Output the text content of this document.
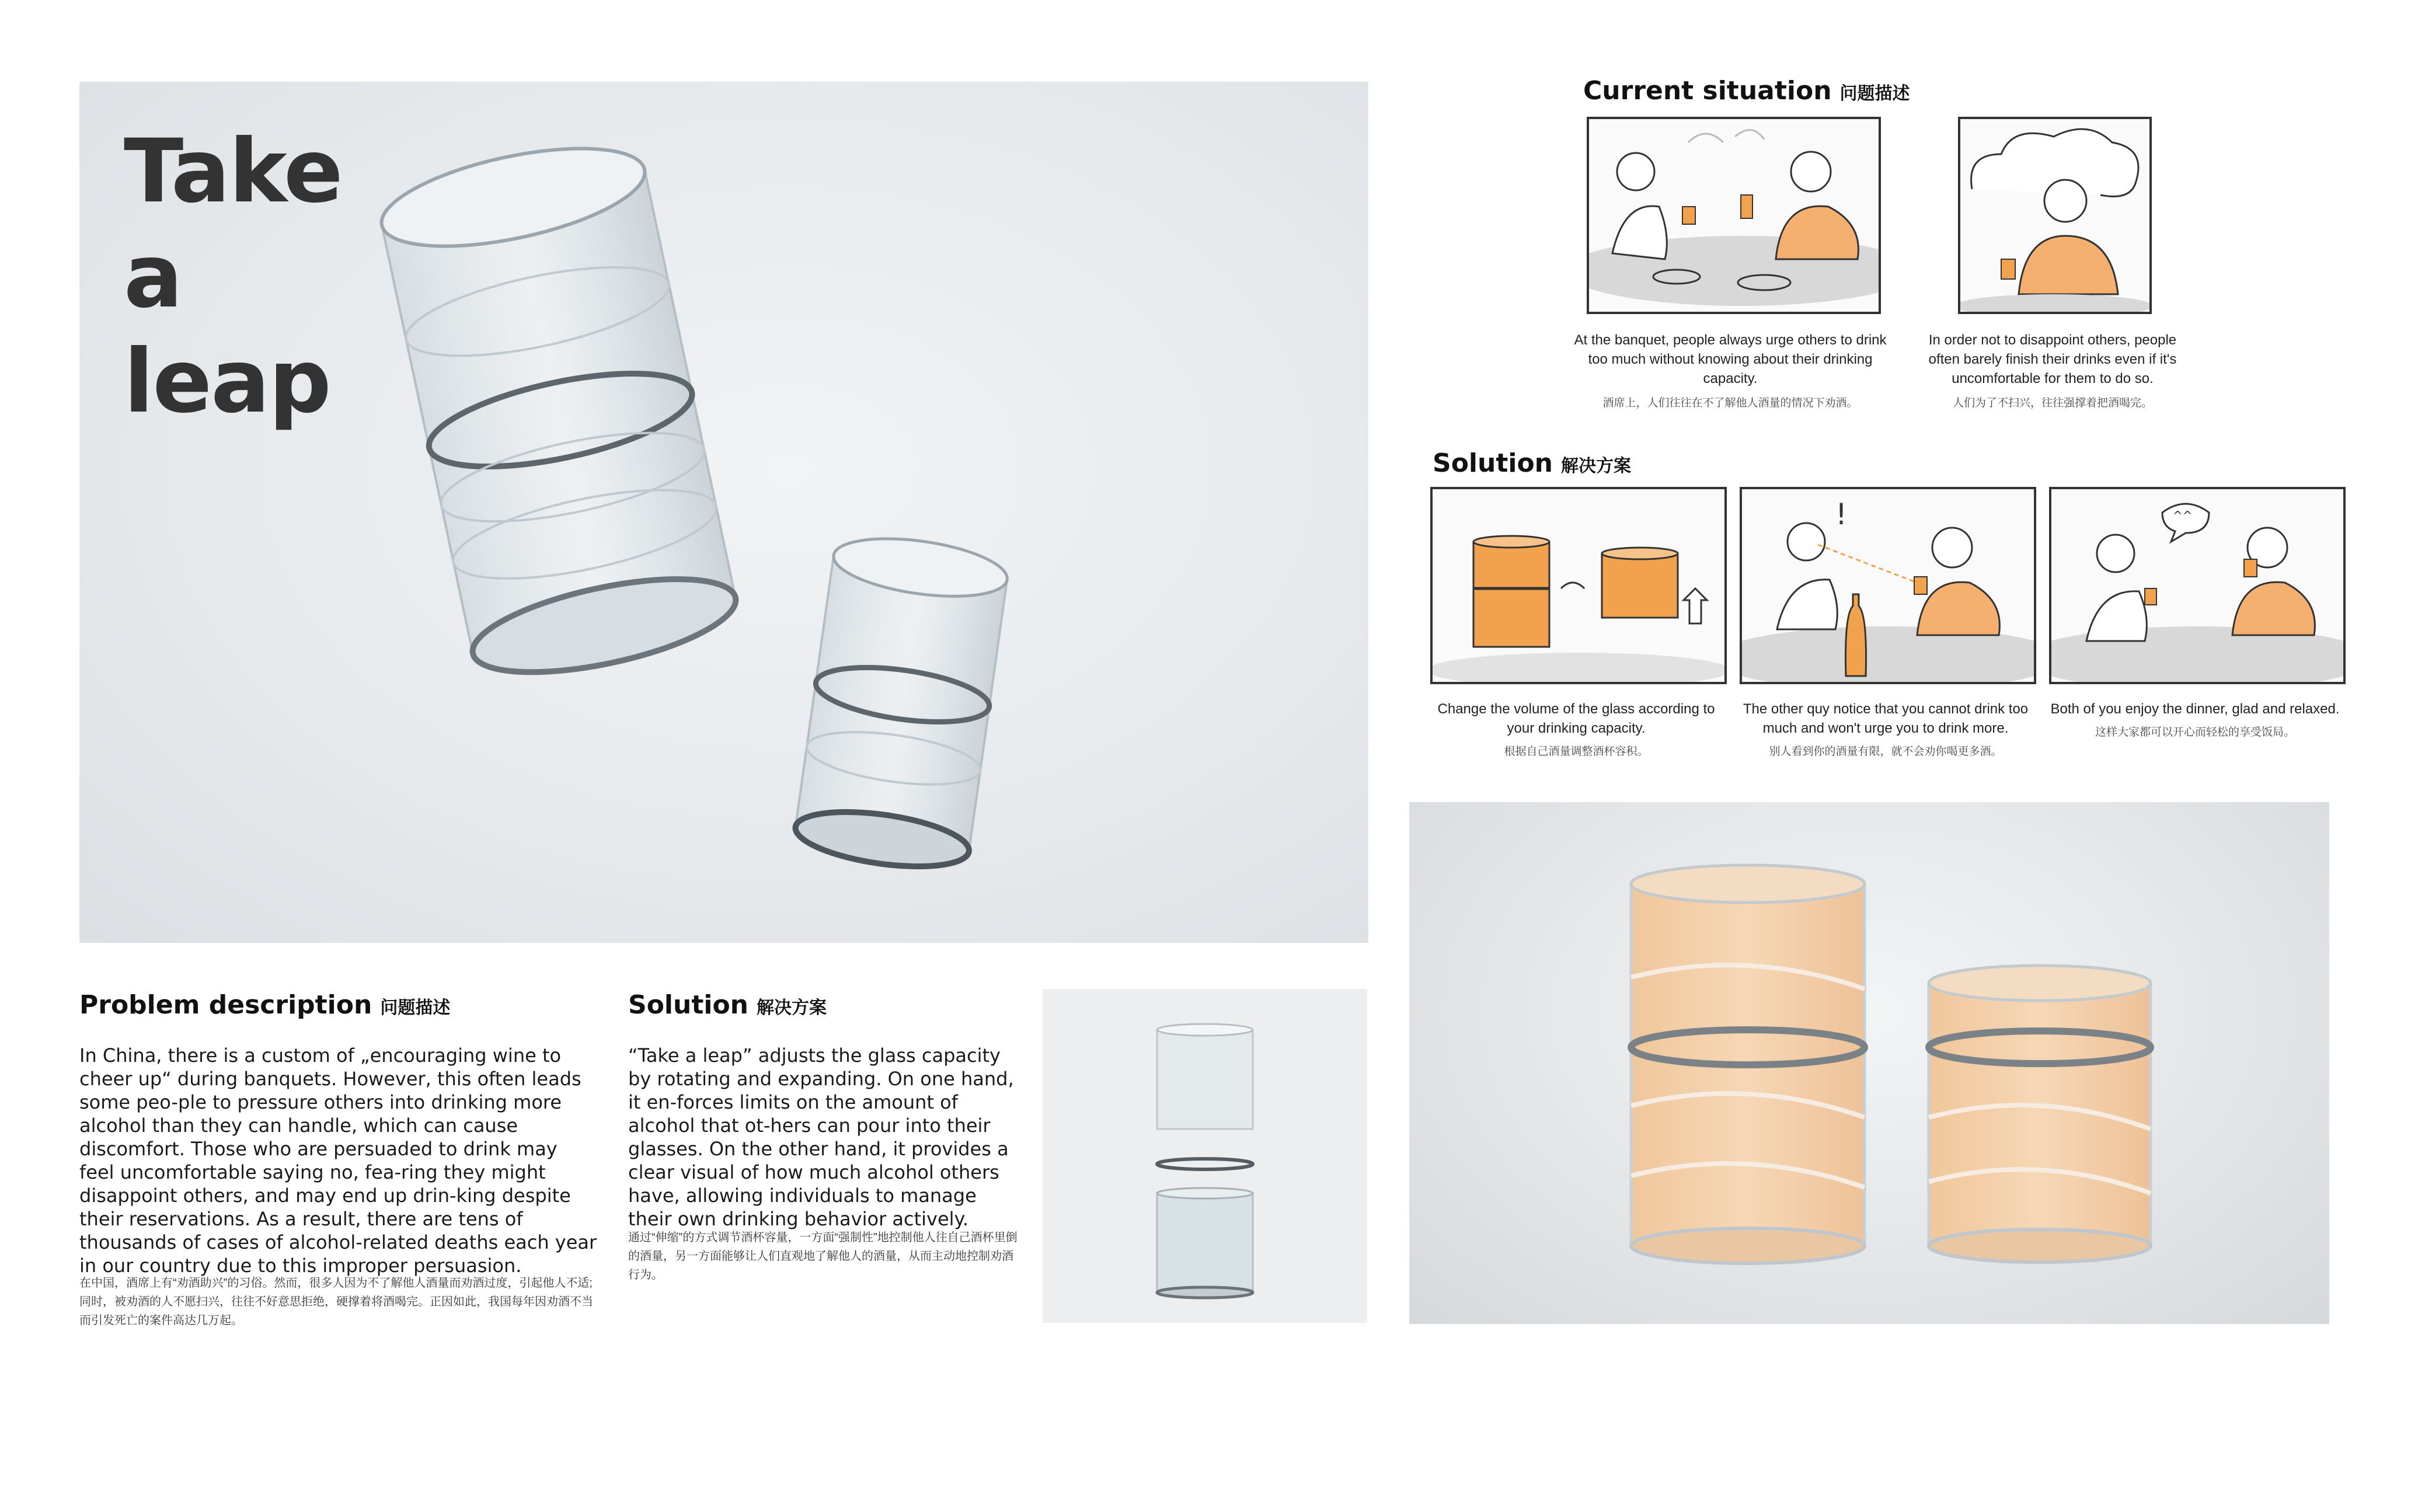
Take
a
leap
Problem description 问题描述
In China, there is a custom of „encouraging wine to cheer up“ during banquets. However, this often leads some peo-ple to pressure others into drinking more alcohol than they can handle, which can cause discomfort. Those who are persuaded to drink may feel uncomfortable saying no, fea-ring they might disappoint others, and may end up drin-king despite their reservations. As a result, there are tens of thousands of cases of alcohol-related deaths each year in our country due to this improper persuasion.
在中国，酒席上有“劝酒助兴”的习俗。然而，很多人因为不了解他人酒量而劝酒过度，引起他人不适;同时，被劝酒的人不愿扫兴，往往不好意思拒绝，硬撑着将酒喝完。正因如此，我国每年因劝酒不当而引发死亡的案件高达几万起。
Solution 解决方案
“Take a leap” adjusts the glass capacity by rotating and expanding. On one hand, it en-forces limits on the amount of alcohol that ot-hers can pour into their glasses. On the other hand, it provides a clear visual of how much alcohol others have, allowing individuals to manage their own drinking behavior actively.
通过“伸缩”的方式调节酒杯容量，一方面“强制性”地控制他人往自己酒杯里倒的酒量，另一方面能够让人们直观地了解他人的酒量，从而主动地控制劝酒行为。
Current situation 问题描述
At the banquet, people always urge others to drink too much without knowing about their drinking capacity.
酒席上，人们往往在不了解他人酒量的情况下劝酒。
In order not to disappoint others, people often barely finish their drinks even if it's uncomfortable for them to do so.
人们为了不扫兴，往往强撑着把酒喝完。
Solution 解决方案
!	^^
Change the volume of the glass according to your drinking capacity.
根据自己酒量调整酒杯容积。
The other quy notice that you cannot drink too much and won't urge you to drink more.
别人看到你的酒量有限，就不会劝你喝更多酒。
Both of you enjoy the dinner, glad and relaxed.
这样大家都可以开心而轻松的享受饭局。
